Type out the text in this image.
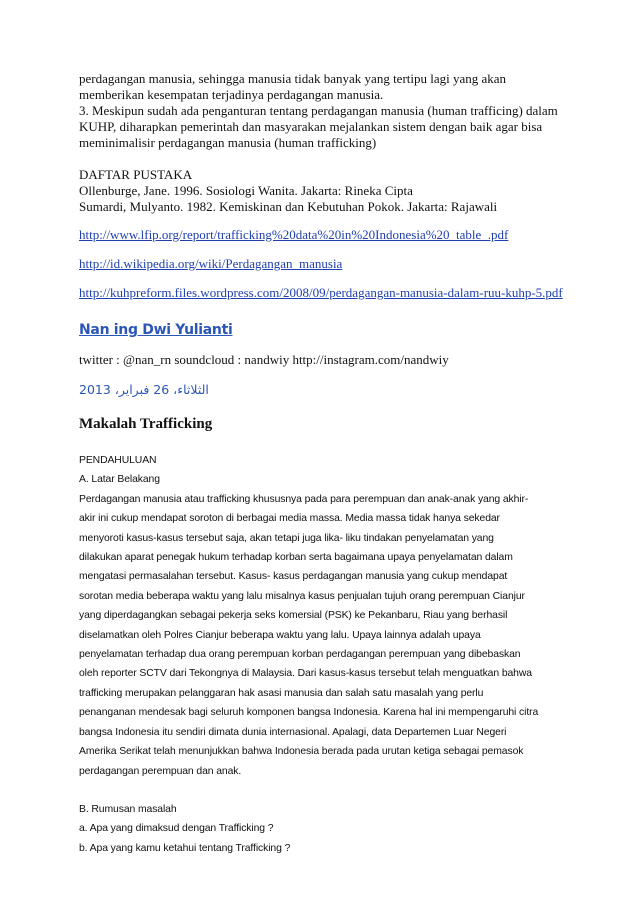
perdagangan manusia, sehingga manusia tidak banyak yang tertipu lagi yang akan
memberikan kesempatan terjadinya perdagangan manusia.
3. Meskipun sudah ada penganturan tentang perdagangan manusia (human trafficing) dalam
KUHP, diharapkan pemerintah dan masyarakan mejalankan sistem dengan baik agar bisa
meminimalisir perdagangan manusia (human trafficking)
DAFTAR PUSTAKA
Ollenburge, Jane. 1996. Sosiologi Wanita. Jakarta: Rineka Cipta
Sumardi, Mulyanto. 1982. Kemiskinan dan Kebutuhan Pokok. Jakarta: Rajawali
http://www.lfip.org/report/trafficking%20data%20in%20Indonesia%20_table_.pdf
http://id.wikipedia.org/wiki/Perdagangan_manusia
http://kuhpreform.files.wordpress.com/2008/09/perdagangan-manusia-dalam-ruu-kuhp-5.pdf
Nan ing Dwi Yulianti
twitter : @nan_rn soundcloud : nandwiy http://instagram.com/nandwiy
الثلاثاء، 26 فبراير، 2013
Makalah Trafficking
PENDAHULUAN
A. Latar Belakang
Perdagangan manusia atau trafficking khususnya pada para perempuan dan anak-anak yang akhir-
akir ini cukup mendapat soroton di berbagai media massa. Media massa tidak hanya sekedar
menyoroti kasus-kasus tersebut saja, akan tetapi juga lika- liku tindakan penyelamatan yang
dilakukan aparat penegak hukum terhadap korban serta bagaimana upaya penyelamatan dalam
mengatasi permasalahan tersebut. Kasus- kasus perdagangan manusia yang cukup mendapat
sorotan media beberapa waktu yang lalu misalnya kasus penjualan tujuh orang perempuan Cianjur
yang diperdagangkan sebagai pekerja seks komersial (PSK) ke Pekanbaru, Riau yang berhasil
diselamatkan oleh Polres Cianjur beberapa waktu yang lalu. Upaya lainnya adalah upaya
penyelamatan terhadap dua orang perempuan korban perdagangan perempuan yang dibebaskan
oleh reporter SCTV dari Tekongnya di Malaysia. Dari kasus-kasus tersebut telah menguatkan bahwa
trafficking merupakan pelanggaran hak asasi manusia dan salah satu masalah yang perlu
penanganan mendesak bagi seluruh komponen bangsa Indonesia. Karena hal ini mempengaruhi citra
bangsa Indonesia itu sendiri dimata dunia internasional. Apalagi, data Departemen Luar Negeri
Amerika Serikat telah menunjukkan bahwa Indonesia berada pada urutan ketiga sebagai pemasok
perdagangan perempuan dan anak.
B. Rumusan masalah
a. Apa yang dimaksud dengan Trafficking ?
b. Apa yang kamu ketahui tentang Trafficking ?
